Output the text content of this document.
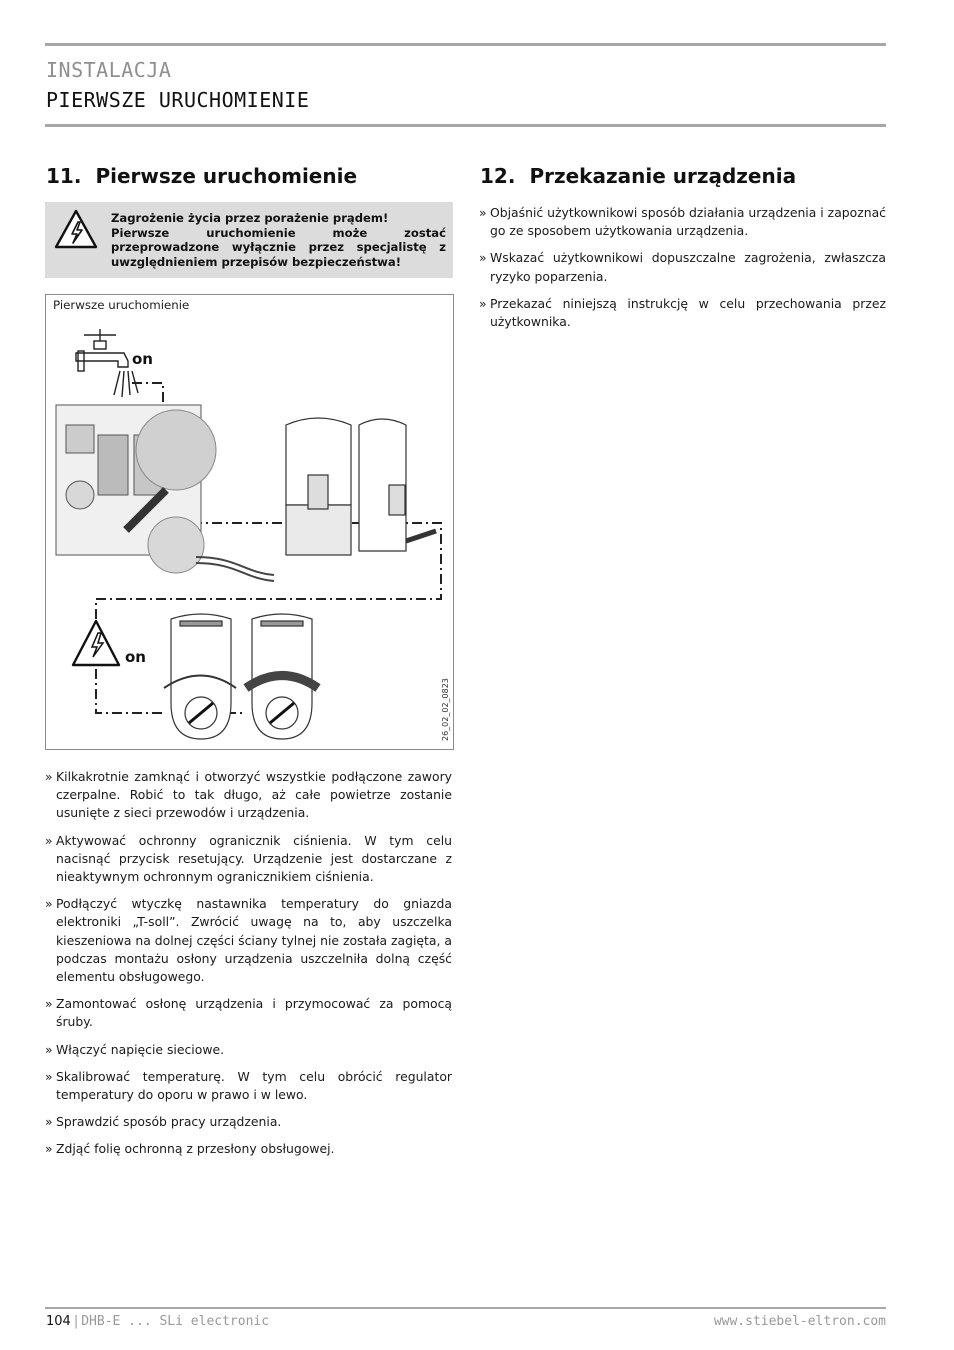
INSTALACJA
PIERWSZE URUCHOMIENIE
11. Pierwsze uruchomienie
Zagrożenie życia przez porażenie prądem!
Pierwsze uruchomienie może zostać przeprowadzone wyłącznie przez specjalistę z uwzględnieniem przepisów bezpieczeństwa!
Pierwsze uruchomienie
on
on
26_02_02_0823
» Kilkakrotnie zamknąć i otworzyć wszystkie podłączone zawory czerpalne. Robić to tak długo, aż całe powietrze zostanie usunięte z sieci przewodów i urządzenia.
» Aktywować ochronny ogranicznik ciśnienia. W tym celu nacisnąć przycisk resetujący. Urządzenie jest dostarczane z nieaktywnym ochronnym ogranicznikiem ciśnienia.
» Podłączyć wtyczkę nastawnika temperatury do gniazda elektroniki „T-soll”. Zwrócić uwagę na to, aby uszczelka kieszeniowa na dolnej części ściany tylnej nie została zagięta, a podczas montażu osłony urządzenia uszczelniła dolną część elementu obsługowego.
» Zamontować osłonę urządzenia i przymocować za pomocą śruby.
» Włączyć napięcie sieciowe.
» Skalibrować temperaturę. W tym celu obrócić regulator temperatury do oporu w prawo i w lewo.
» Sprawdzić sposób pracy urządzenia.
» Zdjąć folię ochronną z przesłony obsługowej.
12. Przekazanie urządzenia
» Objaśnić użytkownikowi sposób działania urządzenia i zapoznać go ze sposobem użytkowania urządzenia.
» Wskazać użytkownikowi dopuszczalne zagrożenia, zwłaszcza ryzyko poparzenia.
» Przekazać niniejszą instrukcję w celu przechowania przez użytkownika.
104 | DHB-E ... SLi electronic	www.stiebel-eltron.com
